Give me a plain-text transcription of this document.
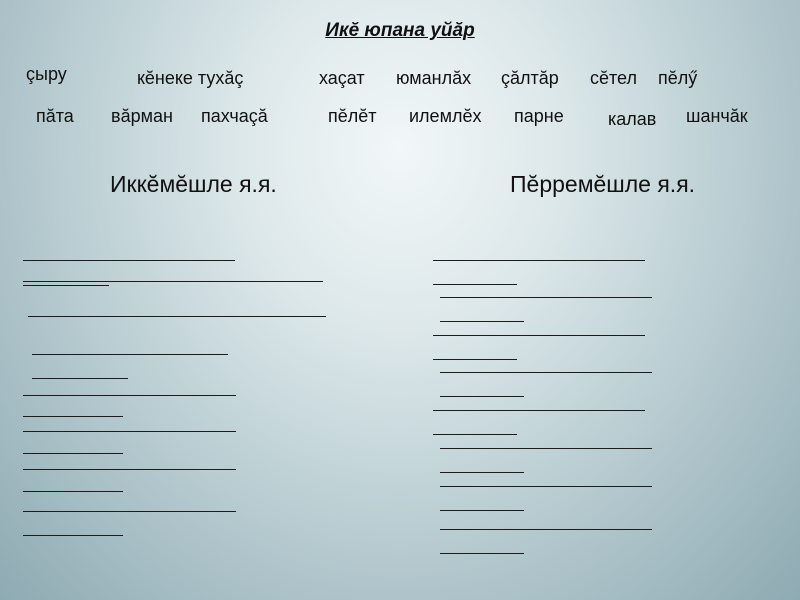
Икĕ юпана уйăр
çыру	кĕнеке тухăç	хаçат юманлăх çăлтăр сĕтел пĕлӳ
пăта вăрман пахчаçă	пĕлĕт илемлĕх парне калав шанчăк
Иккĕмĕшле я.я.	Пĕрремĕшле я.я.
